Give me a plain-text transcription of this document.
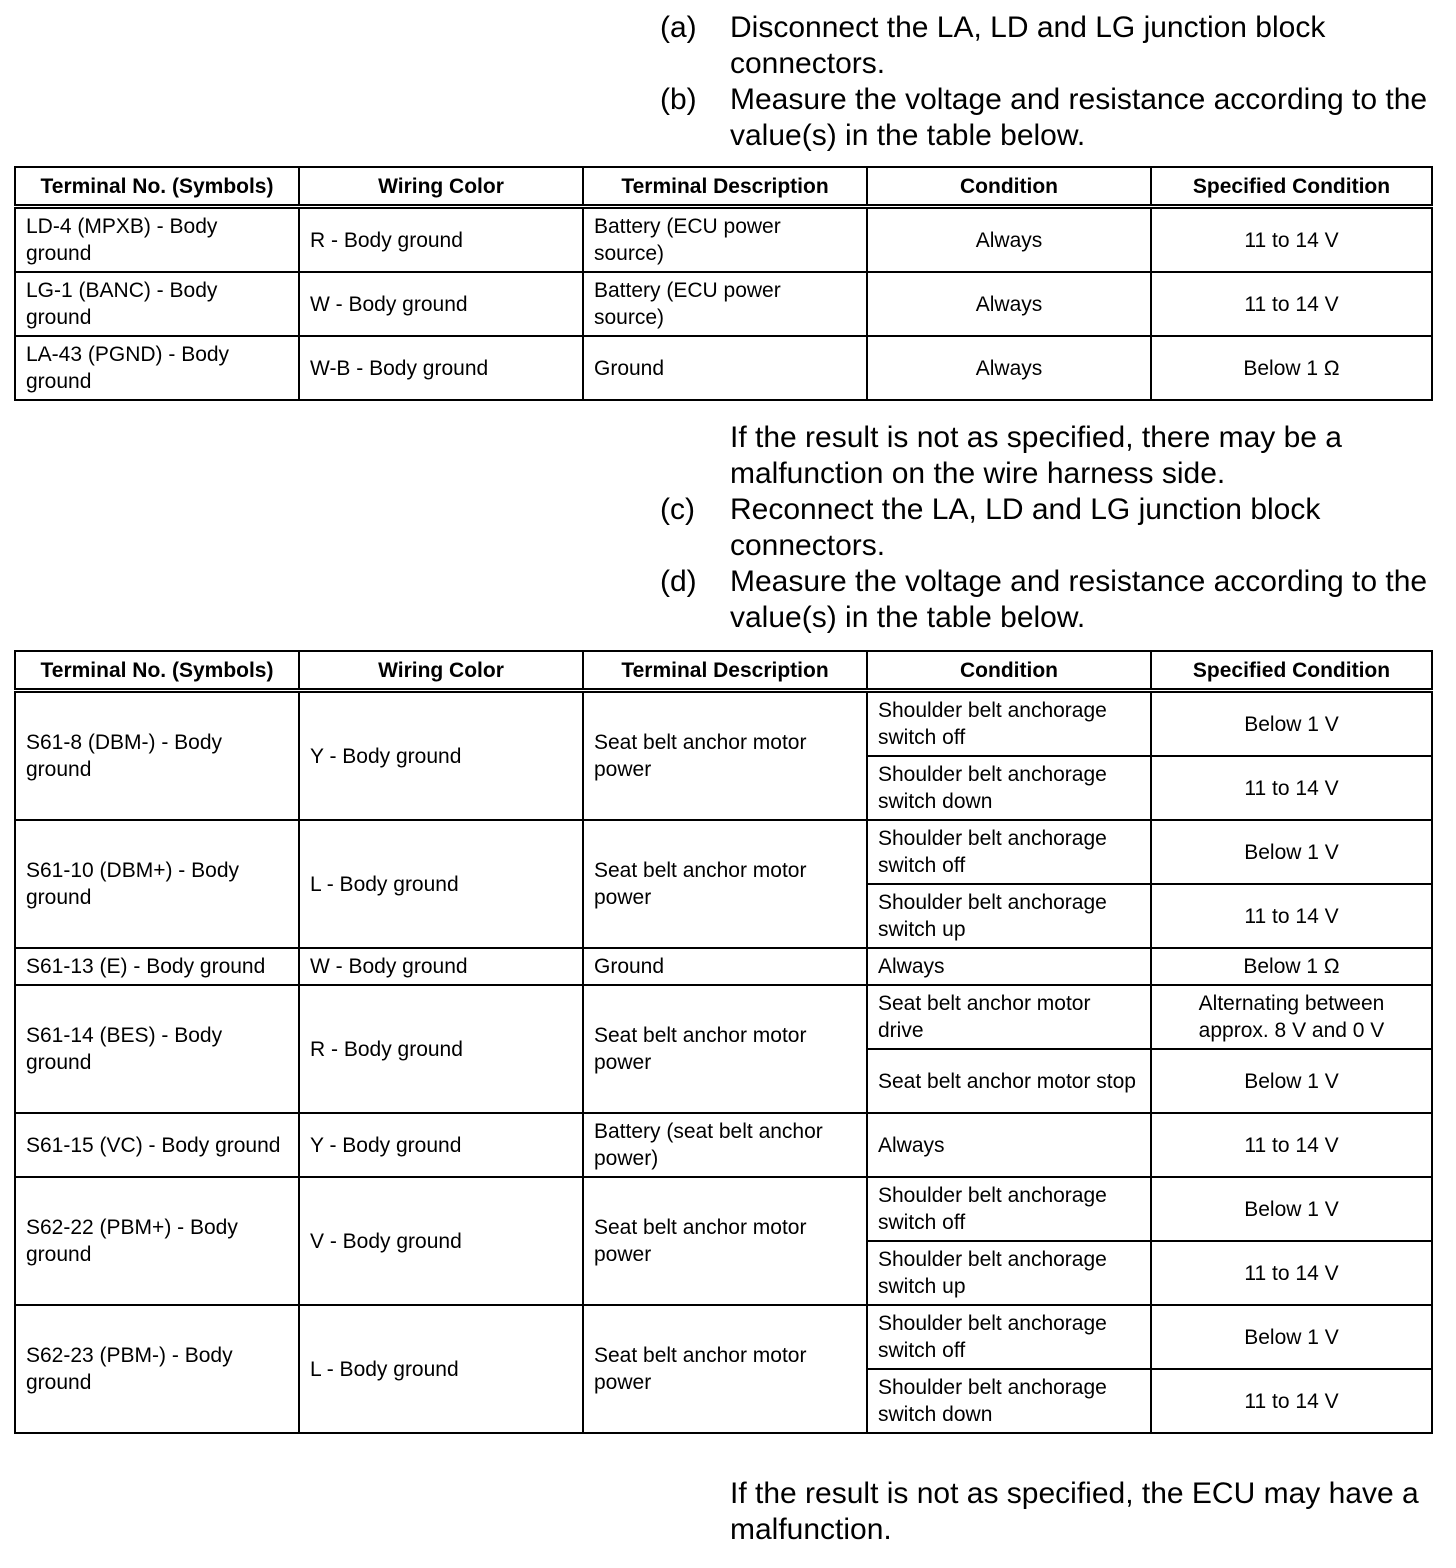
(a)	Disconnect the LA, LD and LG junction block connectors.

(b)	Measure the voltage and resistance according to the value(s) in the table below.

Terminal No. (Symbols)	Wiring Color	Terminal Description	Condition	Specified Condition
LD-4 (MPXB) - Body ground	R - Body ground	Battery (ECU power source)	Always	11 to 14 V
LG-1 (BANC) - Body ground	W - Body ground	Battery (ECU power source)	Always	11 to 14 V
LA-43 (PGND) - Body ground	W-B - Body ground	Ground	Always	Below 1 Ω

If the result is not as specified, there may be a malfunction on the wire harness side.

(c)	Reconnect the LA, LD and LG junction block connectors.

(d)	Measure the voltage and resistance according to the value(s) in the table below.

Terminal No. (Symbols)	Wiring Color	Terminal Description	Condition	Specified Condition
S61-8 (DBM-) - Body ground	Y - Body ground	Seat belt anchor motor power	Shoulder belt anchorage switch off	Below 1 V
			Shoulder belt anchorage switch down	11 to 14 V
S61-10 (DBM+) - Body ground	L - Body ground	Seat belt anchor motor power	Shoulder belt anchorage switch off	Below 1 V
			Shoulder belt anchorage switch up	11 to 14 V
S61-13 (E) - Body ground	W - Body ground	Ground	Always	Below 1 Ω
S61-14 (BES) - Body ground	R - Body ground	Seat belt anchor motor power	Seat belt anchor motor drive	Alternating between approx. 8 V and 0 V
			Seat belt anchor motor stop	Below 1 V
S61-15 (VC) - Body ground	Y - Body ground	Battery (seat belt anchor power)	Always	11 to 14 V
S62-22 (PBM+) - Body ground	V - Body ground	Seat belt anchor motor power	Shoulder belt anchorage switch off	Below 1 V
			Shoulder belt anchorage switch up	11 to 14 V
S62-23 (PBM-) - Body ground	L - Body ground	Seat belt anchor motor power	Shoulder belt anchorage switch off	Below 1 V
			Shoulder belt anchorage switch down	11 to 14 V

If the result is not as specified, the ECU may have a malfunction.
